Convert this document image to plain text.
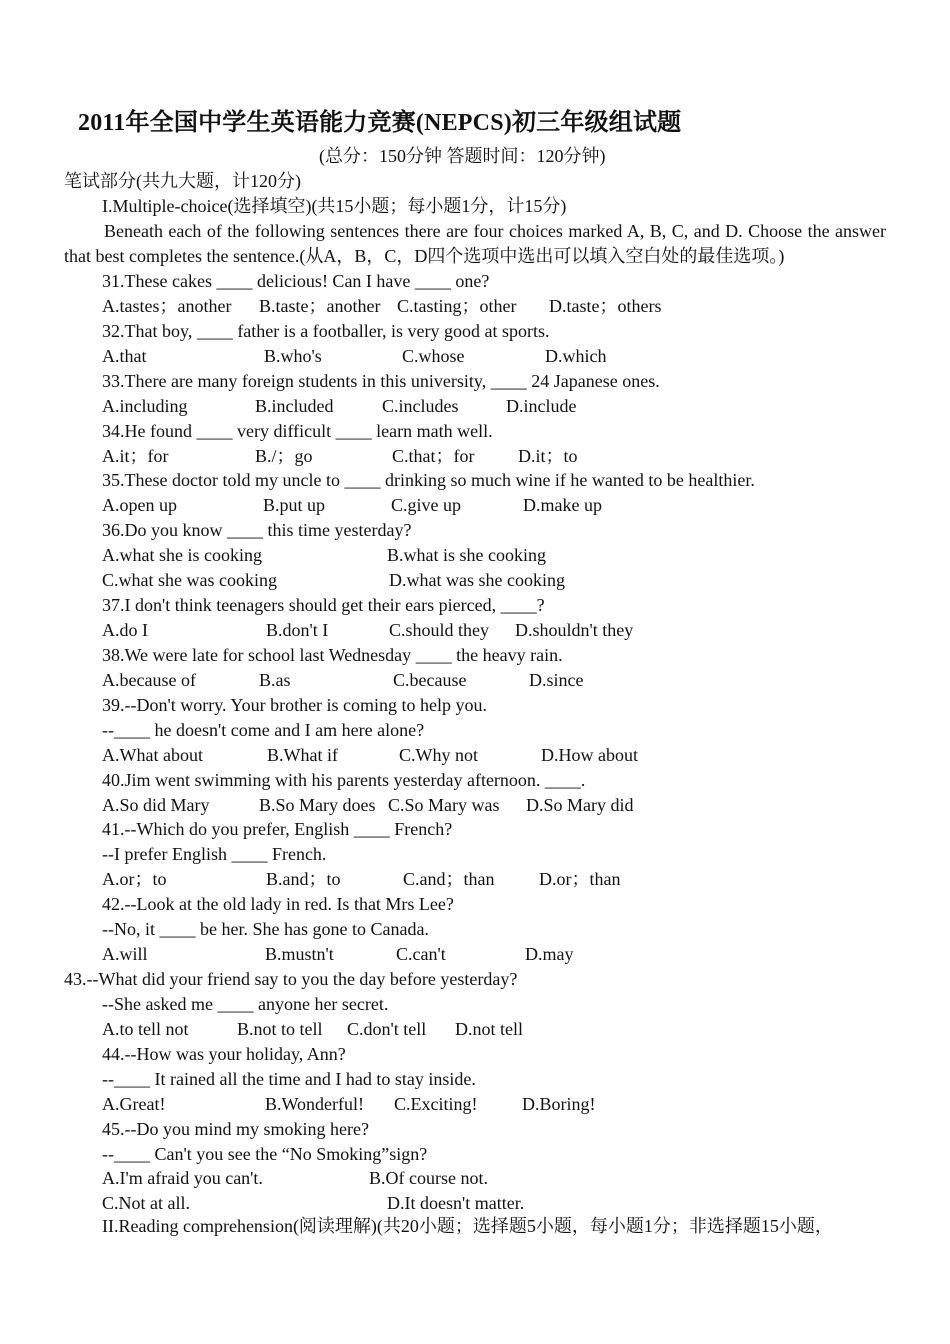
2011年全国中学生英语能力竞赛(NEPCS)初三年级组试题
(总分：150分钟 答题时间：120分钟)
笔试部分(共九大题，计120分)
I.Multiple-choice(选择填空)(共15小题；每小题1分，计15分)
Beneath each of the following sentences there are four choices marked A, B, C, and D. Choose the answer that best completes the sentence.(从A，B，C，D四个选项中选出可以填入空白处的最佳选项。)
31.These cakes ____ delicious! Can I have ____ one?
A.tastes；another B.taste；another C.tasting；other D.taste；others
32.That boy, ____ father is a footballer, is very good at sports.
A.that	B.who's	C.whose	D.which
33.There are many foreign students in this university, ____ 24 Japanese ones.
A.including	B.included	C.includes	D.include
34.He found ____ very difficult ____ learn math well.
A.it；for	B./；go	C.that；for D.it；to
35.These doctor told my uncle to ____ drinking so much wine if he wanted to be healthier.
A.open up	B.put up	C.give up	D.make up
36.Do you know ____ this time yesterday?
A.what she is cooking	B.what is she cooking
C.what she was cooking	D.what was she cooking
37.I don't think teenagers should get their ears pierced, ____?
A.do I	B.don't I	C.should they D.shouldn't they
38.We were late for school last Wednesday ____ the heavy rain.
A.because of	B.as	C.because	D.since
39.--Don't worry. Your brother is coming to help you.
--____ he doesn't come and I am here alone?
A.What about	B.What if	C.Why not	D.How about
40.Jim went swimming with his parents yesterday afternoon. ____.
A.So did Mary	B.So Mary does C.So Mary was D.So Mary did
41.--Which do you prefer, English ____ French?
--I prefer English ____ French.
A.or；to	B.and；to	C.and；than D.or；than
42.--Look at the old lady in red. Is that Mrs Lee?
--No, it ____ be her. She has gone to Canada.
A.will	B.mustn't	C.can't	D.may
43.--What did your friend say to you the day before yesterday?
--She asked me ____ anyone her secret.
A.to tell not	B.not to tell C.don't tell D.not tell
44.--How was your holiday, Ann?
--____ It rained all the time and I had to stay inside.
A.Great!	B.Wonderful! C.Exciting! D.Boring!
45.--Do you mind my smoking here?
--____ Can't you see the “No Smoking”sign?
A.I'm afraid you can't.	B.Of course not.
C.Not at all.	D.It doesn't matter.
II.Reading comprehension(阅读理解)(共20小题；选择题5小题，每小题1分；非选择题15小题，
